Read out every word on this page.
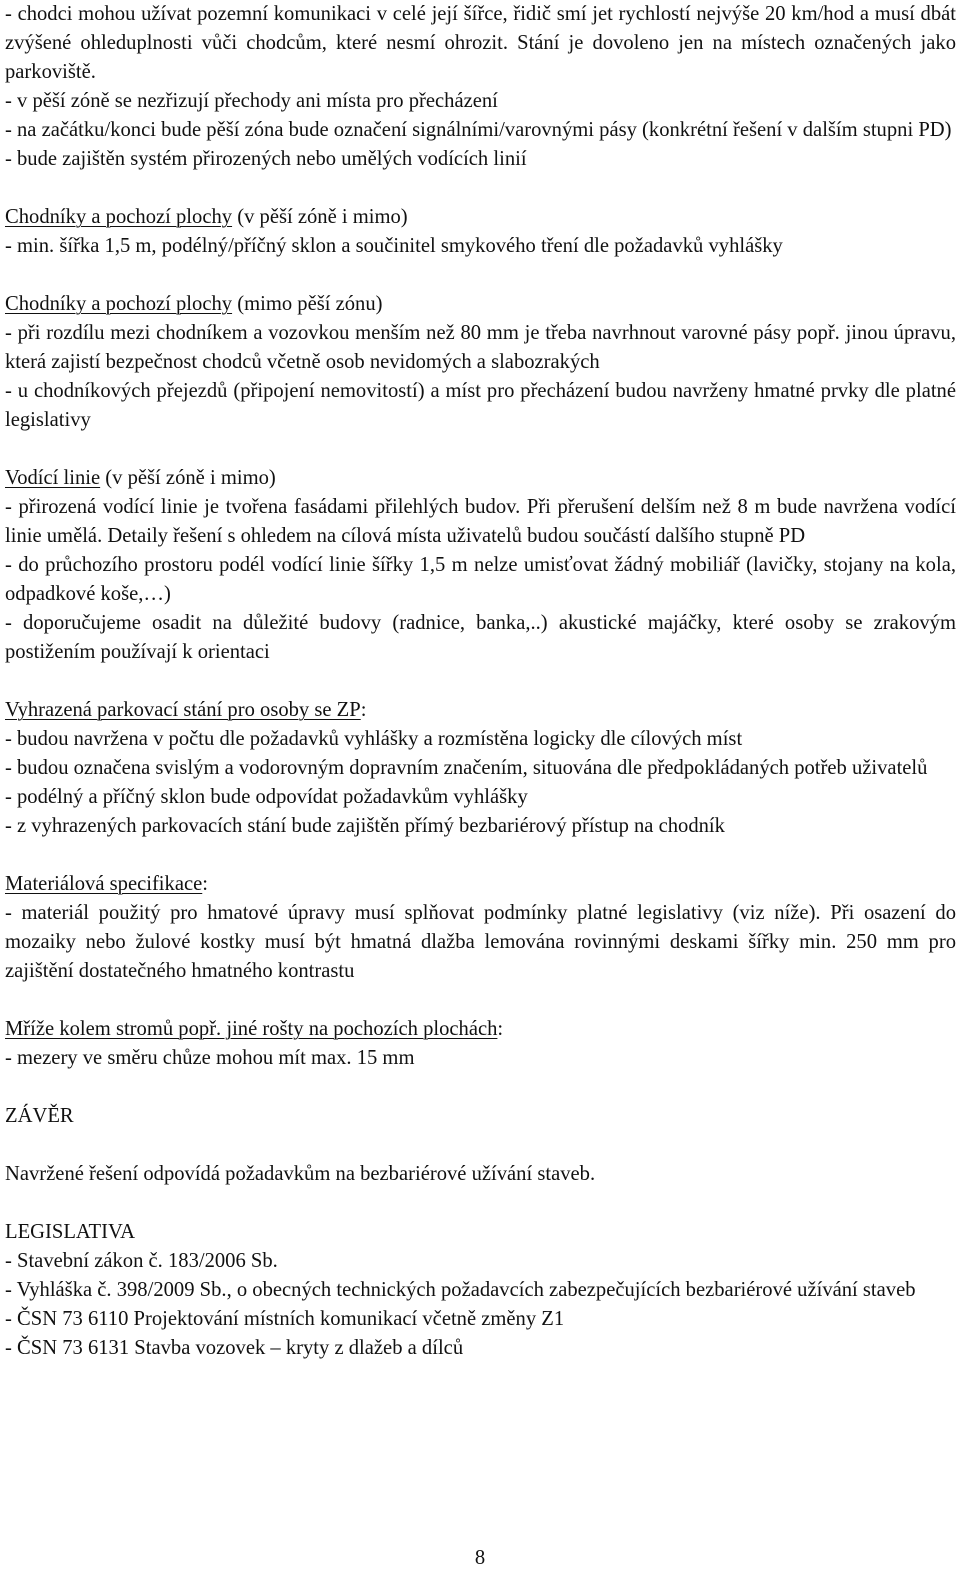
- chodci mohou užívat pozemní komunikaci v celé její šířce, řidič smí jet rychlostí nejvýše 20 km/hod a musí dbát zvýšené ohleduplnosti vůči chodcům, které nesmí ohrozit. Stání je dovoleno jen na místech označených jako parkoviště.

- v pěší zóně se nezřizují přechody ani místa pro přecházení

- na začátku/konci bude pěší zóna bude označení signálními/varovnými pásy (konkrétní řešení v dalším stupni PD)

- bude zajištěn systém přirozených nebo umělých vodících linií

Chodníky a pochozí plochy (v pěší zóně i mimo)

- min. šířka 1,5 m, podélný/příčný sklon a součinitel smykového tření dle požadavků vyhlášky

Chodníky a pochozí plochy (mimo pěší zónu)

- při rozdílu mezi chodníkem a vozovkou menším než 80 mm je třeba navrhnout varovné pásy popř. jinou úpravu, která zajistí bezpečnost chodců včetně osob nevidomých a slabozrakých

- u chodníkových přejezdů (připojení nemovitostí) a míst pro přecházení budou navrženy hmatné prvky dle platné legislativy

Vodící linie (v pěší zóně i mimo)

- přirozená vodící linie je tvořena fasádami přilehlých budov. Při přerušení delším než 8 m bude navržena vodící linie umělá. Detaily řešení s ohledem na cílová místa uživatelů budou součástí dalšího stupně PD

- do průchozího prostoru podél vodící linie šířky 1,5 m nelze umisťovat žádný mobiliář (lavičky, stojany na kola, odpadkové koše,…)

- doporučujeme osadit na důležité budovy (radnice, banka,..) akustické majáčky, které osoby se zrakovým postižením používají k orientaci

Vyhrazená parkovací stání pro osoby se ZP:

- budou navržena v počtu dle požadavků vyhlášky a rozmístěna logicky dle cílových míst

- budou označena svislým a vodorovným dopravním značením, situována dle předpokládaných potřeb uživatelů

- podélný a příčný sklon bude odpovídat požadavkům vyhlášky

- z vyhrazených parkovacích stání bude zajištěn přímý bezbariérový přístup na chodník

Materiálová specifikace:

- materiál použitý pro hmatové úpravy musí splňovat podmínky platné legislativy (viz níže). Při osazení do mozaiky nebo žulové kostky musí být hmatná dlažba lemována rovinnými deskami šířky min. 250 mm pro zajištění dostatečného hmatného kontrastu

Mříže kolem stromů popř. jiné rošty na pochozích plochách:

- mezery ve směru chůze mohou mít max. 15 mm

ZÁVĚR

Navržené řešení odpovídá požadavkům na bezbariérové užívání staveb.

LEGISLATIVA

- Stavební zákon č. 183/2006 Sb.

- Vyhláška č. 398/2009 Sb., o obecných technických požadavcích zabezpečujících bezbariérové užívání staveb

- ČSN 73 6110 Projektování místních komunikací včetně změny Z1

- ČSN 73 6131 Stavba vozovek – kryty z dlažeb a dílců

8
